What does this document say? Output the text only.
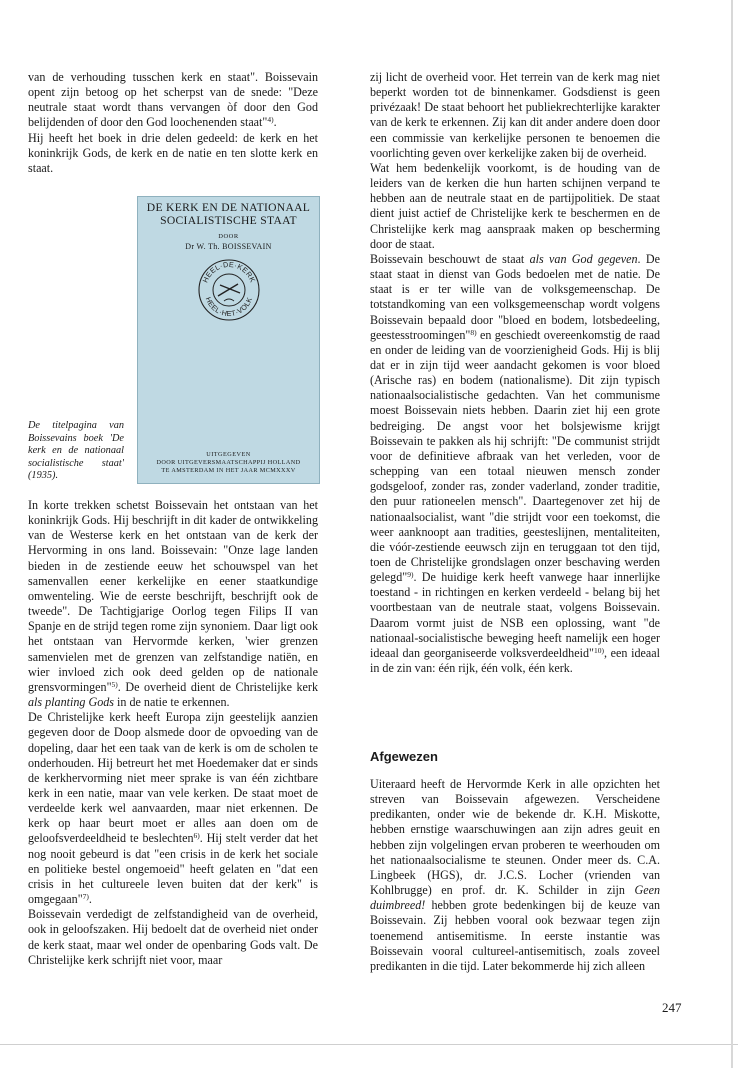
van de verhouding tusschen kerk en staat". Boissevain opent zijn betoog op het scherpst van de snede: "Deze neutrale staat wordt thans vervangen òf door den God belijdenden of door den God loochenenden staat"$^{4)}$.

Hij heeft het boek in drie delen gedeeld: de kerk en het koninkrijk Gods, de kerk en de natie en ten slotte kerk en staat.

DE KERK EN DE NATIONAAL
SOCIALISTISCHE STAAT
DOOR
Dr W. Th. BOISSEVAIN
HEEL·DE·KERK
HEEL·HET·VOLK
UITGEGEVEN
DOOR UITGEVERSMAATSCHAPPIJ HOLLAND
TE AMSTERDAM IN HET JAAR MCMXXXV
De titelpagina van Boissevains boek 'De kerk en de nationaal socialistische staat' (1935).

In korte trekken schetst Boissevain het ontstaan van het koninkrijk Gods. Hij beschrijft in dit kader de ontwikkeling van de Westerse kerk en het ontstaan van de kerk der Hervorming in ons land. Boissevain: "Onze lage landen bieden in de zestiende eeuw het schouwspel van het samenvallen eener kerkelijke en eener staatkundige omwenteling. Wie de eerste beschrijft, beschrijft ook de tweede". De Tachtigjarige Oorlog tegen Filips II van Spanje en de strijd tegen rome zijn synoniem. Daar ligt ook het ontstaan van Hervormde kerken, 'wier grenzen samenvielen met de grenzen van zelfstandige natiën, en wier invloed zich ook deed gelden op de nationale grensvormingen"$^{5)}$. De overheid dient de Christelijke kerk als planting Gods in de natie te erkennen.

De Christelijke kerk heeft Europa zijn geestelijk aanzien gegeven door de Doop alsmede door de opvoeding van de dopeling, daar het een taak van de kerk is om de scholen te onderhouden. Hij betreurt het met Hoedemaker dat er sinds de kerkhervorming niet meer sprake is van één zichtbare kerk in een natie, maar van vele kerken. De staat moet de verdeelde kerk wel aanvaarden, maar niet erkennen. De kerk op haar beurt moet er alles aan doen om de geloofsverdeeldheid te beslechten$^{6)}$. Hij stelt verder dat het nog nooit gebeurd is dat "een crisis in de kerk het sociale en politieke bestel ongemoeid" heeft gelaten en "dat een crisis in het cultureele leven buiten dat der kerk" is omgegaan"$^{7)}$.

Boissevain verdedigt de zelfstandigheid van de overheid, ook in geloofszaken. Hij bedoelt dat de overheid niet onder de kerk staat, maar wel onder de openbaring Gods valt. De Christelijke kerk schrijft niet voor, maar

zij licht de overheid voor. Het terrein van de kerk mag niet beperkt worden tot de binnenkamer. Godsdienst is geen privézaak! De staat behoort het publiekrechterlijke karakter van de kerk te erkennen. Zij kan dit ander andere doen door een commissie van kerkelijke personen te benoemen die voorlichting geven over kerkelijke zaken bij de overheid.

Wat hem bedenkelijk voorkomt, is de houding van de leiders van de kerken die hun harten schijnen verpand te hebben aan de neutrale staat en de partijpolitiek. De staat dient juist actief de Christelijke kerk te beschermen en de Christelijke kerk mag aanspraak maken op bescherming door de staat.

Boissevain beschouwt de staat als van God gegeven. De staat staat in dienst van Gods bedoelen met de natie. De staat is er ter wille van de volksgemeenschap. De totstandkoming van een volksgemeenschap wordt volgens Boissevain bepaald door "bloed en bodem, lotsbedeeling, geestesstroomingen"$^{8)}$ en geschiedt overeenkomstig de raad en onder de leiding van de voorzienigheid Gods. Hij is blij dat er in zijn tijd weer aandacht gekomen is voor bloed (Arische ras) en bodem (nationalisme). Dit zijn typisch nationaalsocialistische gedachten. Van het communisme moest Boissevain niets hebben. Daarin ziet hij een grote bedreiging. De angst voor het bolsjewisme krijgt Boissevain te pakken als hij schrijft: "De communist strijdt voor de definitieve afbraak van het verleden, voor de schepping van een totaal nieuwen mensch zonder godsgeloof, zonder ras, zonder vaderland, zonder traditie, den puur rationeelen mensch". Daartegenover zet hij de nationaalsocialist, want "die strijdt voor een toekomst, die weer aanknoopt aan tradities, geesteslijnen, mentaliteiten, die vóór-zestiende eeuwsch zijn en teruggaan tot den tijd, toen de Christelijke grondslagen onzer beschaving werden gelegd"$^{9)}$. De huidige kerk heeft vanwege haar innerlijke toestand - in richtingen en kerken verdeeld - belang bij het voortbestaan van de neutrale staat, volgens Boissevain. Daarom vormt juist de NSB een oplossing, want "de nationaal-socialistische beweging heeft namelijk een hoger ideaal dan georganiseerde volksverdeeldheid"$^{10)}$, een ideaal in de zin van: één rijk, één volk, één kerk.

Afgewezen

Uiteraard heeft de Hervormde Kerk in alle opzichten het streven van Boissevain afgewezen. Verscheidene predikanten, onder wie de bekende dr. K.H. Miskotte, hebben ernstige waarschuwingen aan zijn adres geuit en hebben zijn volgelingen ervan proberen te weerhouden om het nationaalsocialisme te steunen. Onder meer ds. C.A. Lingbeek (HGS), dr. J.C.S. Locher (vrienden van Kohlbrugge) en prof. dr. K. Schilder in zijn Geen duimbreed! hebben grote bedenkingen bij de keuze van Boissevain. Zij hebben vooral ook bezwaar tegen zijn toenemend antisemitisme. In eerste instantie was Boissevain vooral cultureel-antisemitisch, zoals zoveel predikanten in die tijd. Later bekommerde hij zich alleen

247
